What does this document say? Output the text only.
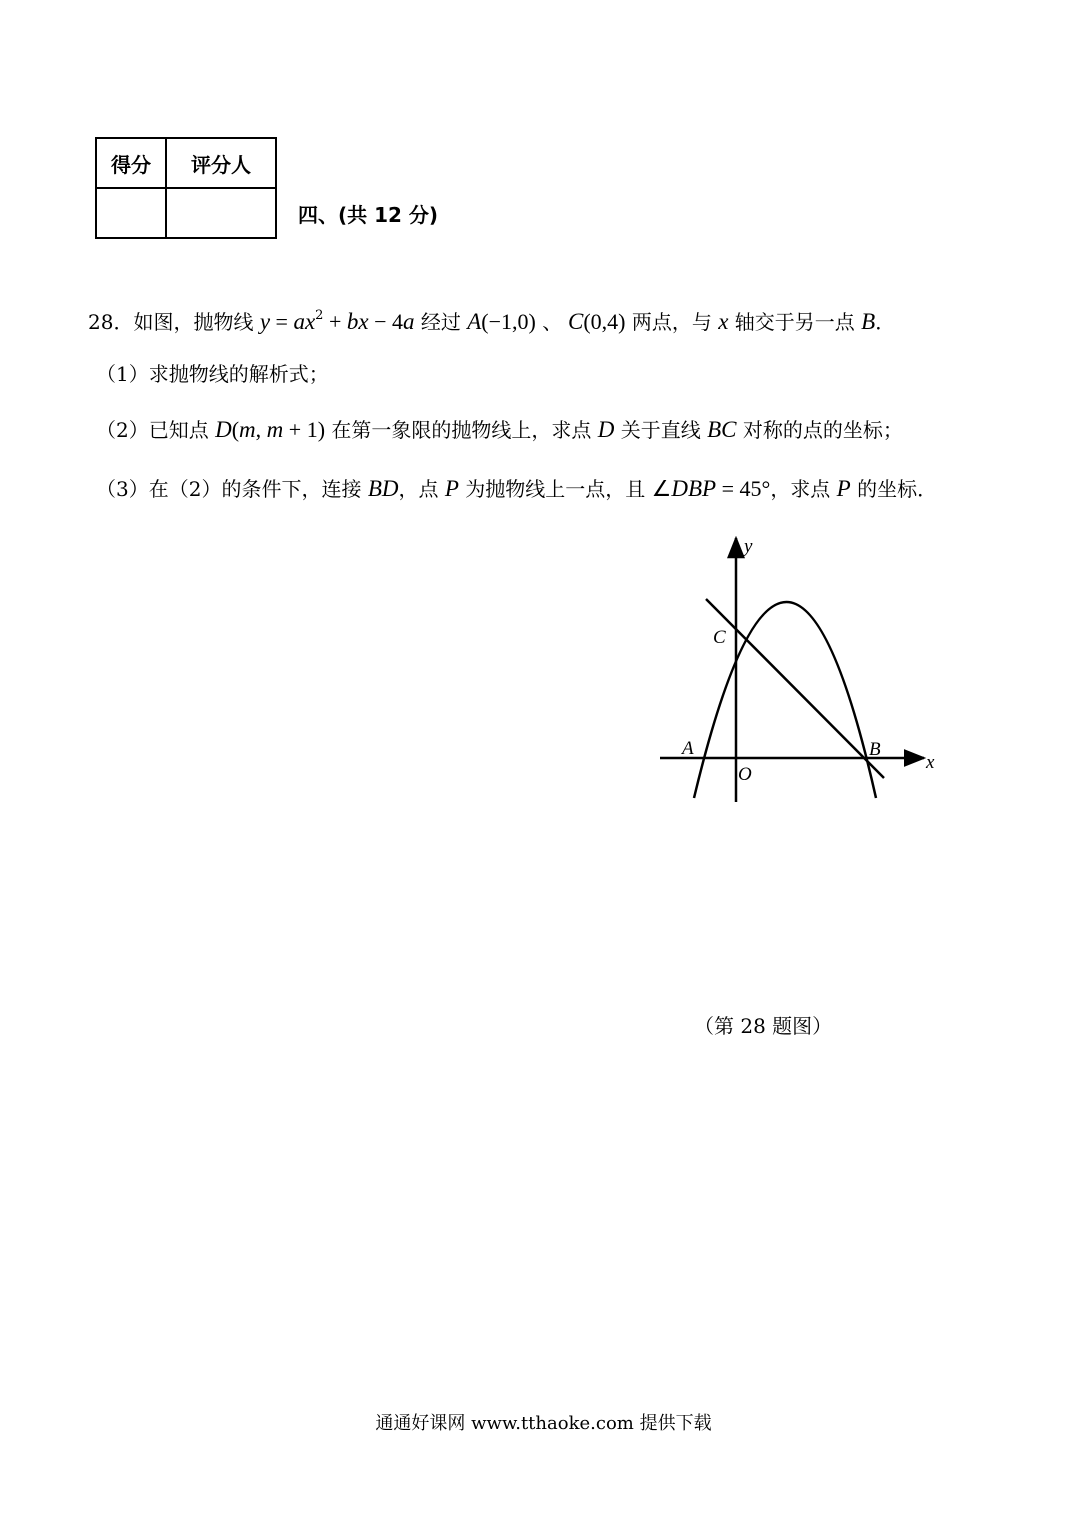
得分	评分人

四、(共 12 分)
28．如图，抛物线 $y = ax^2$ + bx − 4a 经过 A(−1,0) 、 C(0,4) 两点，与 x 轴交于另一点 B．
（1）求抛物线的解析式；
（2）已知点 D(m, m + 1) 在第一象限的抛物线上，求点 D 关于直线 BC 对称的点的坐标；
（3）在（2）的条件下，连接 BD，点 P 为抛物线上一点，且 ∠DBP = 45°，求点 P 的坐标．
y
x
C
A	B
O
（第 28 题图）
通通好课网 www.tthaoke.com 提供下载
